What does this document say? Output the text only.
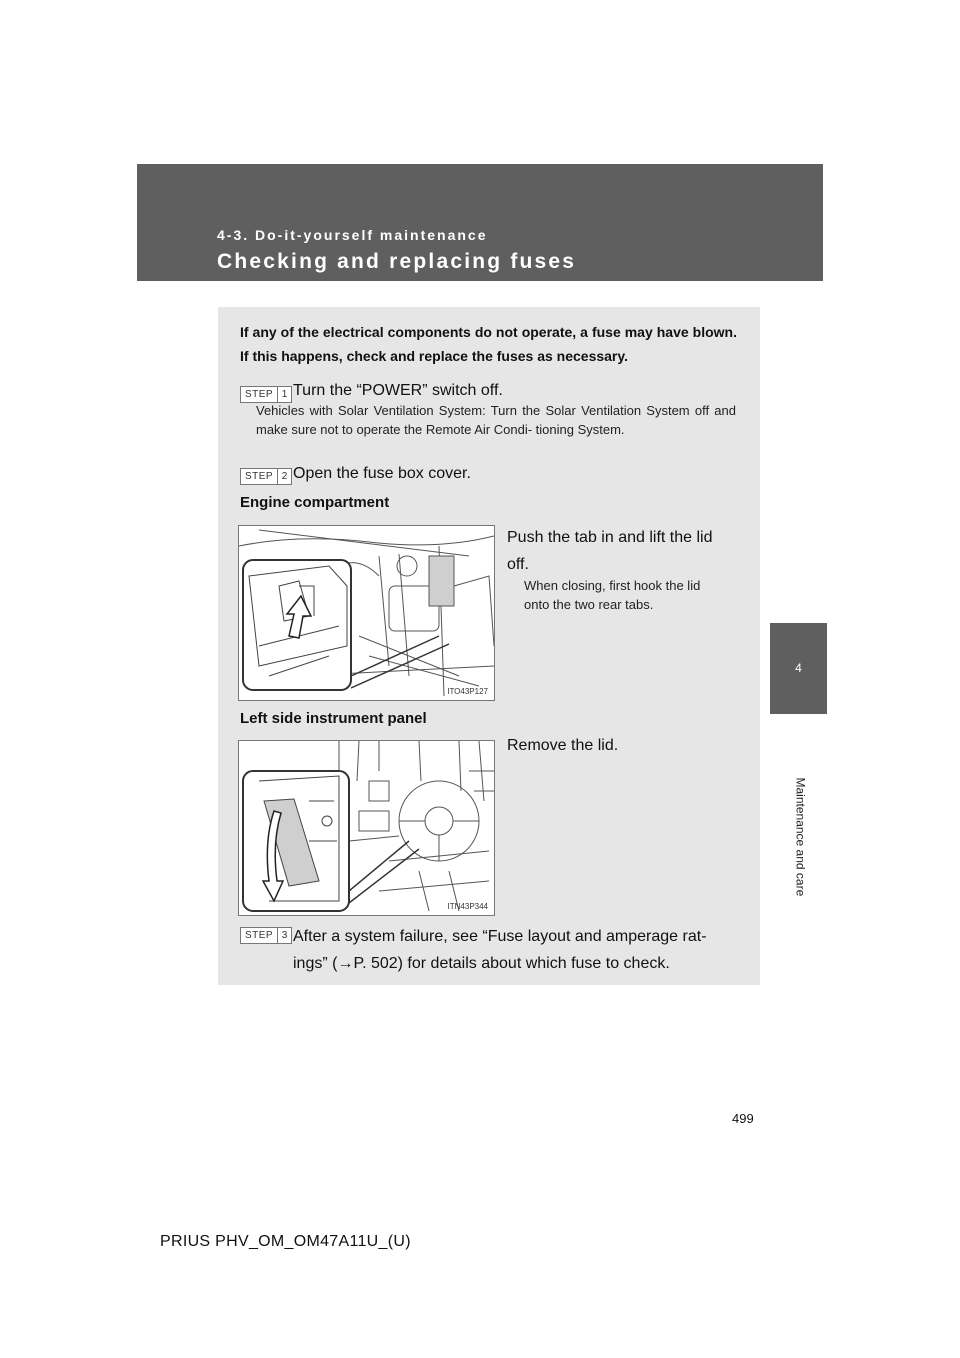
4-3. Do-it-yourself maintenance
Checking and replacing fuses
4
Maintenance and care
If any of the electrical components do not operate, a fuse may have blown. If this happens, check and replace the fuses as necessary.
STEP 1 Turn the “POWER” switch off.
Vehicles with Solar Ventilation System: Turn the Solar Ventilation System off and make sure not to operate the Remote Air Condi- tioning System.
STEP 2 Open the fuse box cover.
Engine compartment
ITO43P127
Push the tab in and lift the lid
off.
When closing, first hook the lid
onto the two rear tabs.
Left side instrument panel
ITN43P344
Remove the lid.
STEP 3 After a system failure, see “Fuse layout and amperage rat-
ings” (→P. 502) for details about which fuse to check.
499
PRIUS PHV_OM_OM47A11U_(U)
